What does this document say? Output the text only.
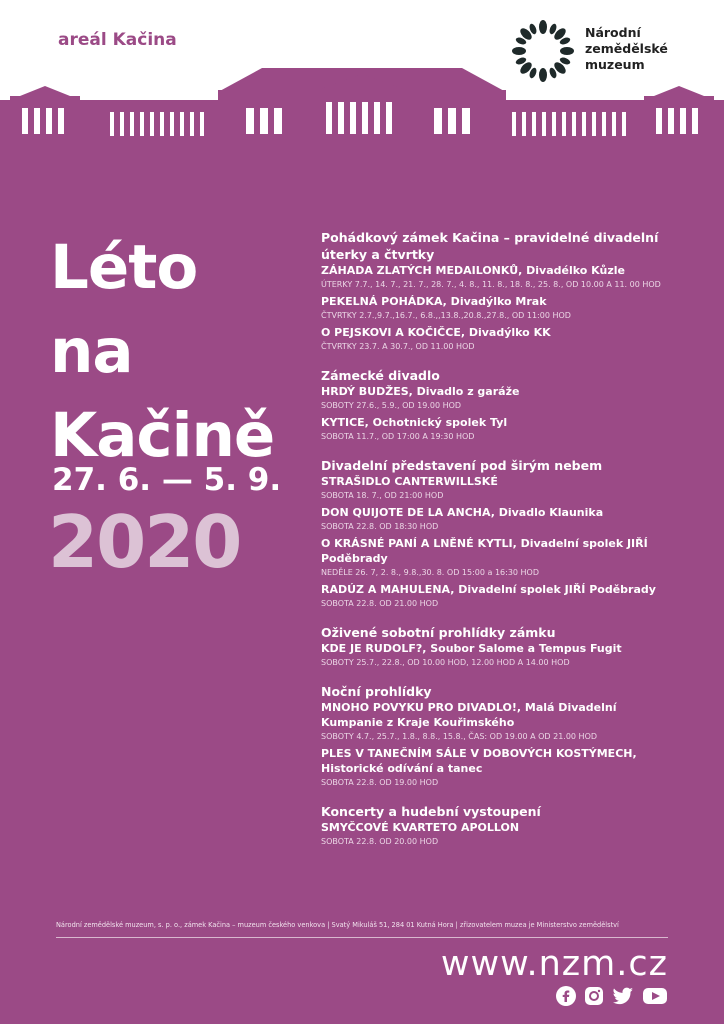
areál Kačina	Národní
zemědělské
muzeum
Léto
na
Kačině
27. 6. — 5. 9.
2020
Pohádkový zámek Kačina – pravidelné divadelní úterky a čtvrtky
ZÁHADA ZLATÝCH MEDAILONKŮ, Divadélko Kůzle
ÚTERKY 7.7., 14. 7., 21. 7., 28. 7., 4. 8., 11. 8., 18. 8., 25. 8., OD 10.00 A 11. 00 HOD
PEKELNÁ POHÁDKA, Divadýlko Mrak
ČTVRTKY 2.7.,9.7.,16.7., 6.8.,,13.8.,20.8.,27.8., OD 11:00 HOD
O PEJSKOVI A KOČIČCE, Divadýlko KK
ČTVRTKY 23.7. A 30.7., OD 11.00 HOD
Zámecké divadlo
HRDÝ BUDŽES, Divadlo z garáže
SOBOTY 27.6., 5.9., OD 19.00 HOD
KYTICE, Ochotnický spolek Tyl
SOBOTA 11.7., OD 17:00 A 19:30 HOD
Divadelní představení pod širým nebem
STRAŠIDLO CANTERWILLSKÉ
SOBOTA 18. 7., OD 21:00 HOD
DON QUIJOTE DE LA ANCHA, Divadlo Klaunika
SOBOTA 22.8. OD 18:30 HOD
O KRÁSNÉ PANÍ A LNĚNÉ KYTLI, Divadelní spolek JIŘÍ Poděbrady
NEDĚLE 26. 7, 2. 8., 9.8.,30. 8. OD 15:00 a 16:30 HOD
RADÚZ A MAHULENA, Divadelní spolek JIŘÍ Poděbrady
SOBOTA 22.8. OD 21.00 HOD
Oživené sobotní prohlídky zámku
KDE JE RUDOLF?, Soubor Salome a Tempus Fugit
SOBOTY 25.7., 22.8., OD 10.00 HOD, 12.00 HOD A 14.00 HOD
Noční prohlídky
MNOHO POVYKU PRO DIVADLO!, Malá Divadelní Kumpanie z Kraje Kouřimského
SOBOTY 4.7., 25.7., 1.8., 8.8., 15.8., ČAS: OD 19.00 A OD 21.00 HOD
PLES V TANEČNÍM SÁLE V DOBOVÝCH KOSTÝMECH, Historické odívání a tanec
SOBOTA 22.8. OD 19.00 HOD
Koncerty a hudební vystoupení
SMYČCOVÉ KVARTETO APOLLON
SOBOTA 22.8. OD 20.00 HOD
Národní zemědělské muzeum, s. p. o., zámek Kačina – muzeum českého venkova | Svatý Mikuláš 51, 284 01 Kutná Hora | zřizovatelem muzea je Ministerstvo zemědělství
www.nzm.cz
